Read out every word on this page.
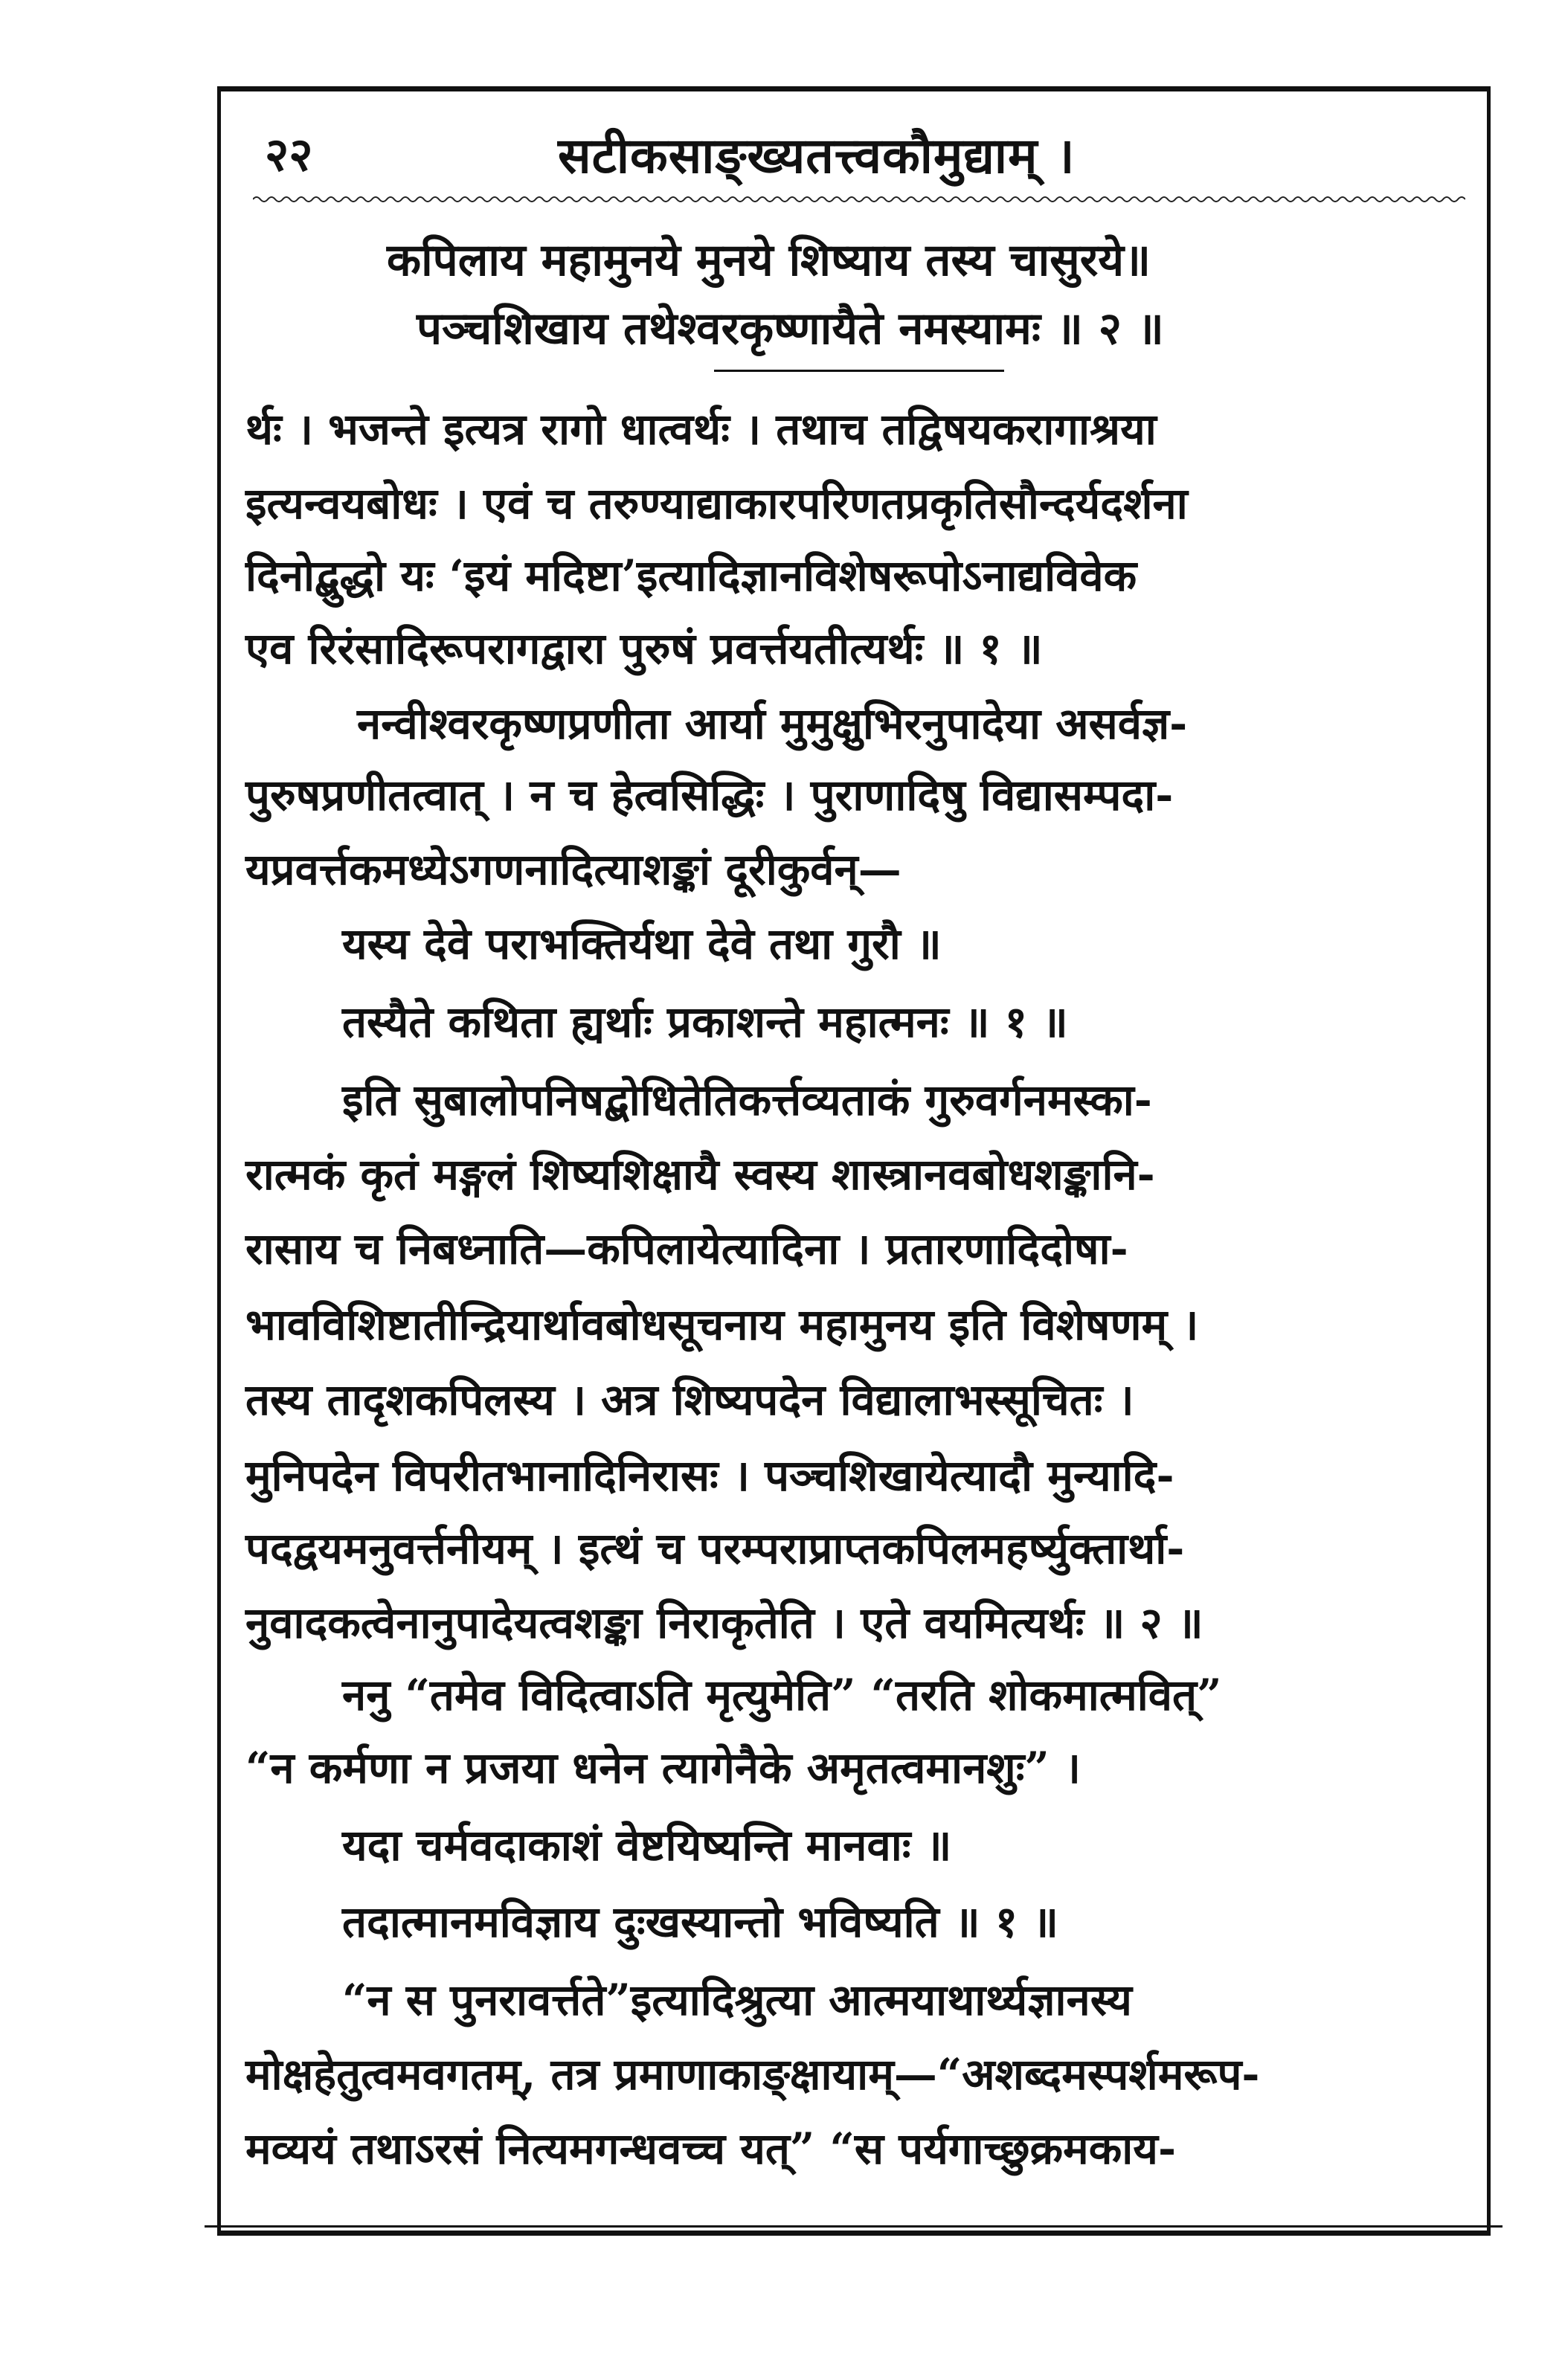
२२	सटीकसाङ्ख्यतत्त्वकौमुद्याम् ।
कपिलाय महामुनये मुनये शिष्याय तस्य चासुरये॥
पञ्चशिखाय तथेश्वरकृष्णायैते नमस्यामः ॥ २ ॥
र्थः । भजन्ते इत्यत्र रागो धात्वर्थः । तथाच तद्विषयकरागाश्रया
इत्यन्वयबोधः । एवं च तरुण्याद्याकारपरिणतप्रकृतिसौन्दर्यदर्शना
दिनोद्बुद्धो यः ‘इयं मदिष्टा’इत्यादिज्ञानविशेषरूपोऽनाद्यविवेक
एव रिरंसादिरूपरागद्वारा पुरुषं प्रवर्त्तयतीत्यर्थः ॥ १ ॥
नन्वीश्वरकृष्णप्रणीता आर्या मुमुक्षुभिरनुपादेया असर्वज्ञ-
पुरुषप्रणीतत्वात् । न च हेत्वसिद्धिः । पुराणादिषु विद्यासम्पदा-
यप्रवर्त्तकमध्येऽगणनादित्याशङ्कां दूरीकुर्वन्—
यस्य देवे पराभक्तिर्यथा देवे तथा गुरौ ॥
तस्यैते कथिता ह्यर्थाः प्रकाशन्ते महात्मनः ॥ १ ॥
इति सुबालोपनिषद्बोधितेतिकर्त्तव्यताकं गुरुवर्गनमस्का-
रात्मकं कृतं मङ्गलं शिष्यशिक्षायै स्वस्य शास्त्रानवबोधशङ्कानि-
रासाय च निबध्नाति—कपिलायेत्यादिना । प्रतारणादिदोषा-
भावविशिष्टातीन्द्रियार्थावबोधसूचनाय महामुनय इति विशेषणम् ।
तस्य तादृशकपिलस्य । अत्र शिष्यपदेन विद्यालाभस्सूचितः ।
मुनिपदेन विपरीतभानादिनिरासः । पञ्चशिखायेत्यादौ मुन्यादि-
पदद्वयमनुवर्त्तनीयम् । इत्थं च परम्पराप्राप्तकपिलमहर्ष्युक्तार्था-
नुवादकत्वेनानुपादेयत्वशङ्का निराकृतेति । एते वयमित्यर्थः ॥ २ ॥
ननु “तमेव विदित्वाऽति मृत्युमेति” “तरति शोकमात्मवित्”
“न कर्मणा न प्रजया धनेन त्यागेनैके अमृतत्वमानशुः” ।
यदा चर्मवदाकाशं वेष्टयिष्यन्ति मानवाः ॥
तदात्मानमविज्ञाय दुःखस्यान्तो भविष्यति ॥ १ ॥
“न स पुनरावर्त्तते”इत्यादिश्रुत्या आत्मयाथार्थ्यज्ञानस्य
मोक्षहेतुत्वमवगतम्, तत्र प्रमाणाकाङ्क्षायाम्—“अशब्दमस्पर्शमरूप-
मव्ययं तथाऽरसं नित्यमगन्धवच्च यत्” “स पर्यगाच्छुक्रमकाय-
